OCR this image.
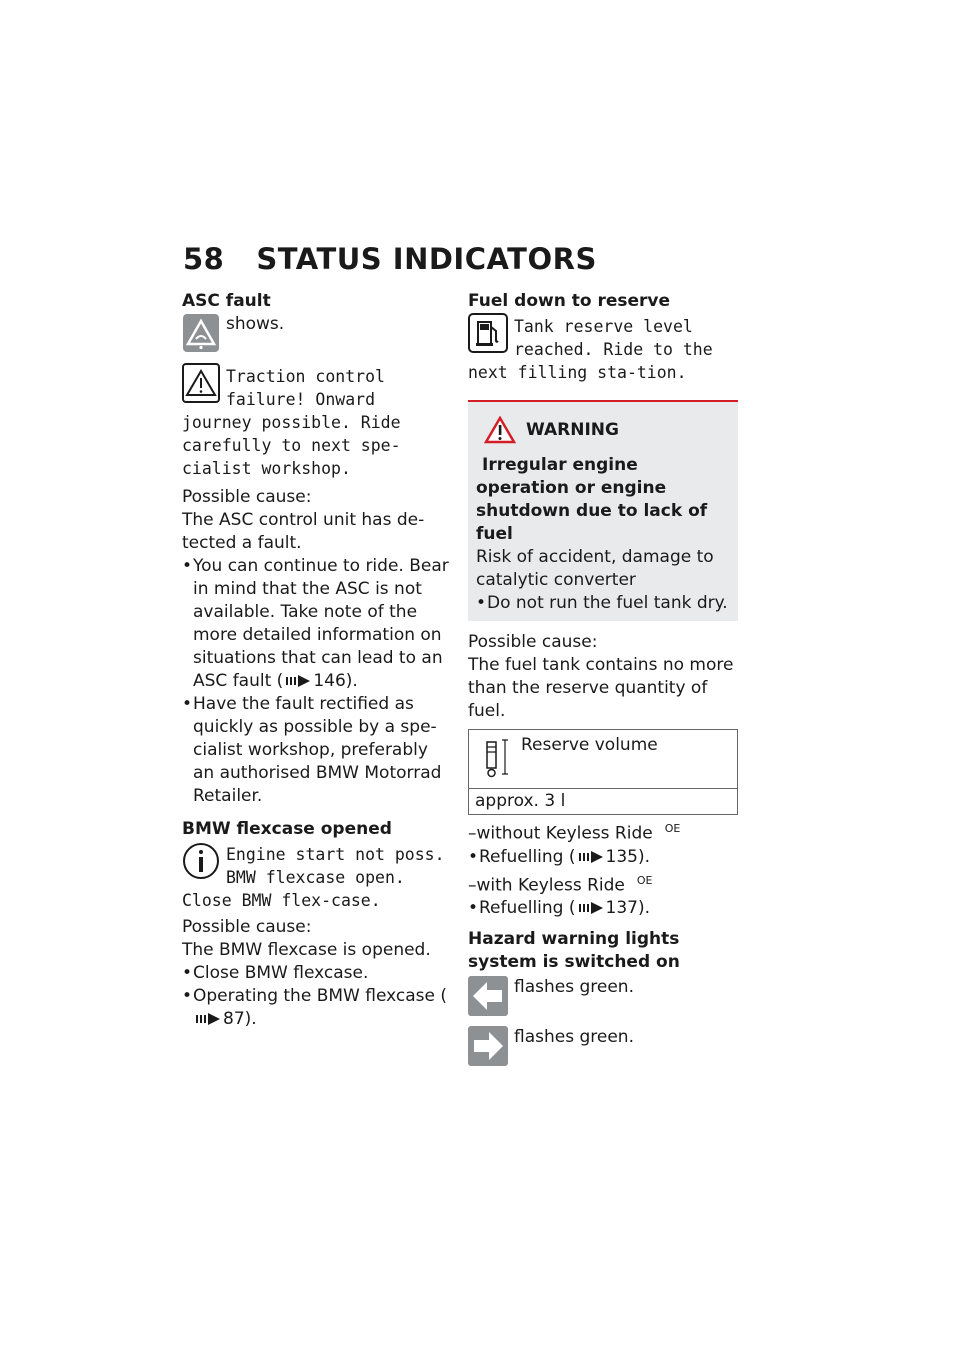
58 STATUS INDICATORS

ASC fault

shows.

Traction control failure! Onward journey possible. Ride carefully to next spe-cialist workshop.

Possible cause:

The ASC control unit has de-tected a fault.

• You can continue to ride. Bear in mind that the ASC is not available. Take note of the more detailed information on situations that can lead to an ASC fault ( 146).
• Have the fault rectified as quickly as possible by a spe-cialist workshop, preferably an authorised BMW Motorrad Retailer.

BMW flexcase opened

Engine start not poss. BMW flexcase open. Close BMW flex-case.

Possible cause:

The BMW flexcase is opened.

• Close BMW flexcase.
• Operating the BMW flexcase (87).

Fuel down to reserve

Tank reserve level reached. Ride to the next filling sta-tion.

WARNING

Irregular engine operation or engine shutdown due to lack of fuel

Risk of accident, damage to catalytic converter

• Do not run the fuel tank dry.

Possible cause:

The fuel tank contains no more than the reserve quantity of fuel.

Reserve volume
approx. 3 l

–without Keyless Ride $^{OE}$

• Refuelling ( 135).

–with Keyless Ride $^{OE}$

• Refuelling ( 137).

Hazard warning lights system is switched on

flashes green.

flashes green.
